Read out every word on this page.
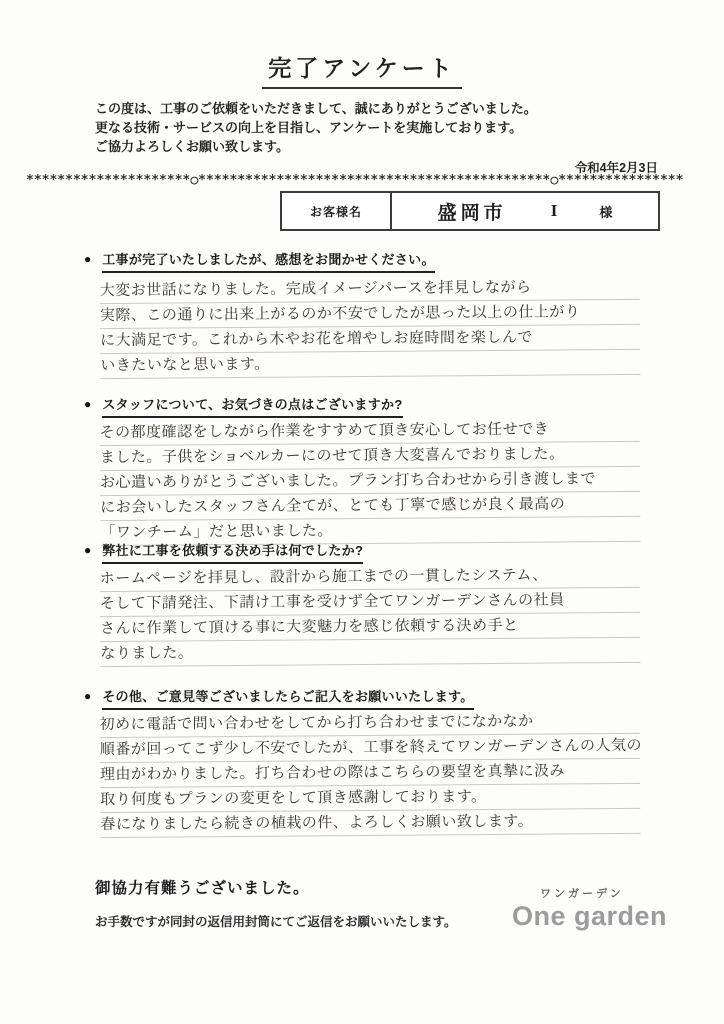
完了アンケート
この度は、工事のご依頼をいただきまして、誠にありがとうございました。
更なる技術・サービスの向上を目指し、アンケートを実施しております。
ご協力よろしくお願い致します。
令和4年2月3日
*********************○*********************************************○****************
お客様名	盛岡市	I	様
● 工事が完了いたしましたが、感想をお聞かせください。
大変お世話になりました。完成イメージパースを拝見しながら
実際、この通りに出来上がるのか不安でしたが思った以上の仕上がり
に大満足です。これから木やお花を増やしお庭時間を楽しんで
いきたいなと思います。
● スタッフについて、お気づきの点はございますか?
その都度確認をしながら作業をすすめて頂き安心してお任せでき
ました。子供をショベルカーにのせて頂き大変喜んでおりました。
お心遣いありがとうございました。プラン打ち合わせから引き渡しまで
にお会いしたスタッフさん全てが、とても丁寧で感じが良く最高の
「ワンチーム」だと思いました。
● 弊社に工事を依頼する決め手は何でしたか?
ホームページを拝見し、設計から施工までの一貫したシステム、
そして下請発注、下請け工事を受けず全てワンガーデンさんの社員
さんに作業して頂ける事に大変魅力を感じ依頼する決め手と
なりました。
● その他、ご意見等ございましたらご記入をお願いいたします。
初めに電話で問い合わせをしてから打ち合わせまでになかなか
順番が回ってこず少し不安でしたが、工事を終えてワンガーデンさんの人気の
理由がわかりました。打ち合わせの際はこちらの要望を真摯に汲み
取り何度もプランの変更をして頂き感謝しております。
春になりましたら続きの植栽の件、よろしくお願い致します。
御協力有難うございました。
お手数ですが同封の返信用封筒にてご返信をお願いいたします。
ワンガーデン
One garden
